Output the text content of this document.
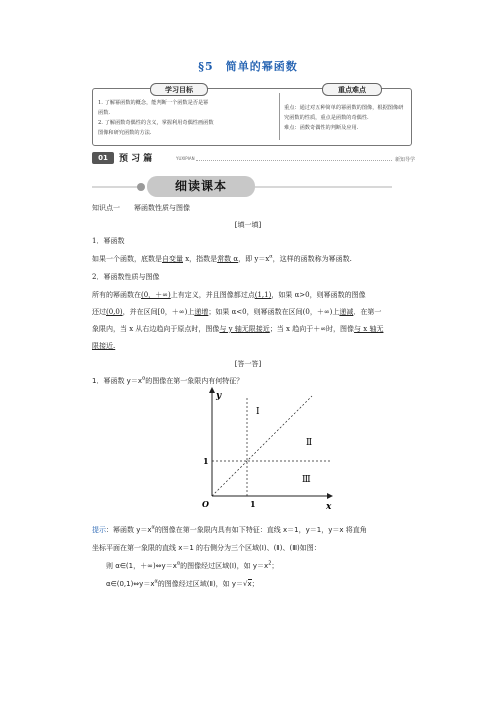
§5　简单的幂函数
学习目标	重点难点
1. 了解幂函数的概念，能判断一个函数是否是幂
函数.
2. 了解函数奇偶性的含义，掌握利用奇偶性画函数
图像和研究函数的方法.
重点：通过对五种简单的幂函数的图像，根据图像研
究函数的性质，重点是函数的奇偶性.
难点：函数奇偶性的判断及应用.
01	预 习 篇	YUXIPIAN	新知导学
细读课本
知识点一　　幂函数性质与图像
[填一填]
1．幂函数
如果一个函数，底数是自变量 x，指数是常数 α，即 $y=x^\alpha$，这样的函数称为幂函数.
2．幂函数性质与图像
所有的幂函数在(0，＋∞)上有定义，并且图像都过点(1,1)，如果 α>0，则幂函数的图像
还过(0,0)，并在区间[0，＋∞)上递增；如果 α<0，则幂函数在区间(0，＋∞)上递减．在第一
象限内，当 x 从右边趋向于原点时，图像与 y 轴无限接近；当 x 趋向于＋∞时，图像与 x 轴无
限接近.
[答一答]
1．幂函数 $y=x^\alpha$的图像在第一象限内有何特征？
y
x
O
1
1
Ⅰ
Ⅱ
Ⅲ
提示：幂函数 $y=x^\alpha$的图像在第一象限内具有如下特征：直线 x＝1，y＝1，y＝x 将直角
坐标平面在第一象限的直线 x＝1 的右侧分为三个区域(Ⅰ)、(Ⅱ)、(Ⅲ)如图：
则 α∈(1，$+\infty)\Leftrightarrow y=x^\alpha$的图像经过区域(Ⅰ)，如 $y=x^2$；
$\alpha\in(0,1)\Leftrightarrow y=x^\alpha$的图像经过区域(Ⅱ)，如 y＝√x；
